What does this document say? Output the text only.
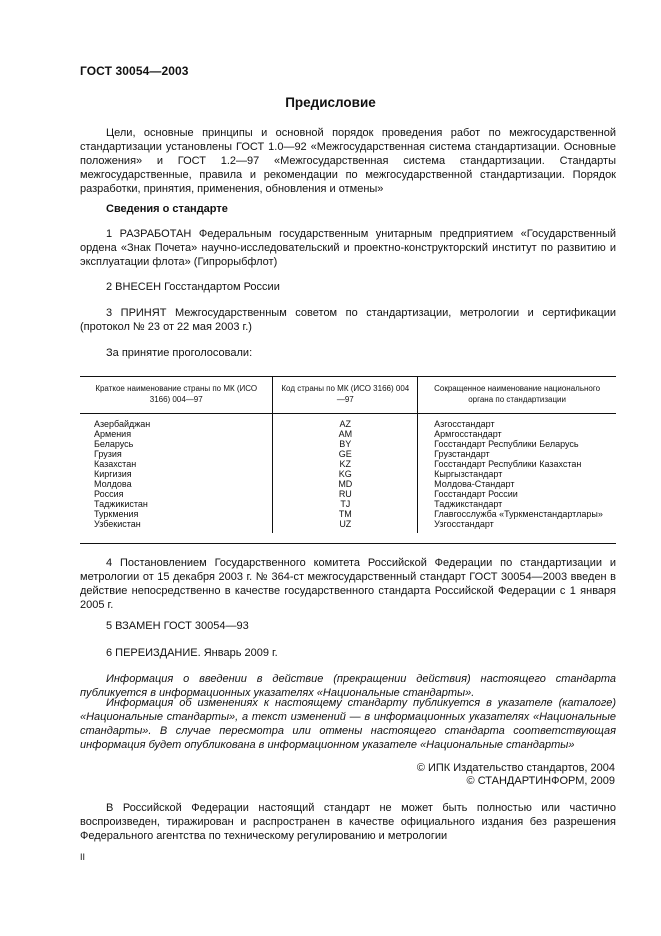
ГОСТ 30054—2003
Предисловие
Цели, основные принципы и основной порядок проведения работ по межгосударственной стандартизации установлены ГОСТ 1.0—92 «Межгосударственная система стандартизации. Основные положения» и ГОСТ 1.2—97 «Межгосударственная система стандартизации. Стандарты межгосударственные, правила и рекомендации по межгосударственной стандартизации. Порядок разработки, принятия, применения, обновления и отмены»
Сведения о стандарте
1 РАЗРАБОТАН Федеральным государственным унитарным предприятием «Государственный ордена «Знак Почета» научно-исследовательский и проектно-конструкторский институт по развитию и эксплуатации флота» (Гипрорыбфлот)
2 ВНЕСЕН Госстандартом России
3 ПРИНЯТ Межгосударственным советом по стандартизации, метрологии и сертификации (протокол № 23 от 22 мая 2003 г.)
За принятие проголосовали:
Краткое наименование страны по МК (ИСО 3166) 004—97	Код страны по МК (ИСО 3166) 004—97	Сокращенное наименование национального органа по стандартизации
Азербайджан	AZ	Азгосстандарт
Армения	AM	Армгосстандарт
Беларусь	BY	Госстандарт Республики Беларусь
Грузия	GE	Грузстандарт
Казахстан	KZ	Госстандарт Республики Казахстан
Киргизия	KG	Кыргызстандарт
Молдова	MD	Молдова-Стандарт
Россия	RU	Госстандарт России
Таджикистан	TJ	Таджикстандарт
Туркмения	TM	Главгосслужба «Туркменстандартлары»
Узбекистан	UZ	Узгосстандарт
4 Постановлением Государственного комитета Российской Федерации по стандартизации и метрологии от 15 декабря 2003 г. № 364-ст межгосударственный стандарт ГОСТ 30054—2003 введен в действие непосредственно в качестве государственного стандарта Российской Федерации с 1 января 2005 г.
5 ВЗАМЕН ГОСТ 30054—93
6 ПЕРЕИЗДАНИЕ. Январь 2009 г.
Информация о введении в действие (прекращении действия) настоящего стандарта публикуется в информационных указателях «Национальные стандарты».
Информация об изменениях к настоящему стандарту публикуется в указателе (каталоге) «Национальные стандарты», а текст изменений — в информационных указателях «Национальные стандарты». В случае пересмотра или отмены настоящего стандарта соответствующая информация будет опубликована в информационном указателе «Национальные стандарты»
© ИПК Издательство стандартов, 2004
© СТАНДАРТИНФОРМ, 2009
В Российской Федерации настоящий стандарт не может быть полностью или частично воспроизведен, тиражирован и распространен в качестве официального издания без разрешения Федерального агентства по техническому регулированию и метрологии
II
